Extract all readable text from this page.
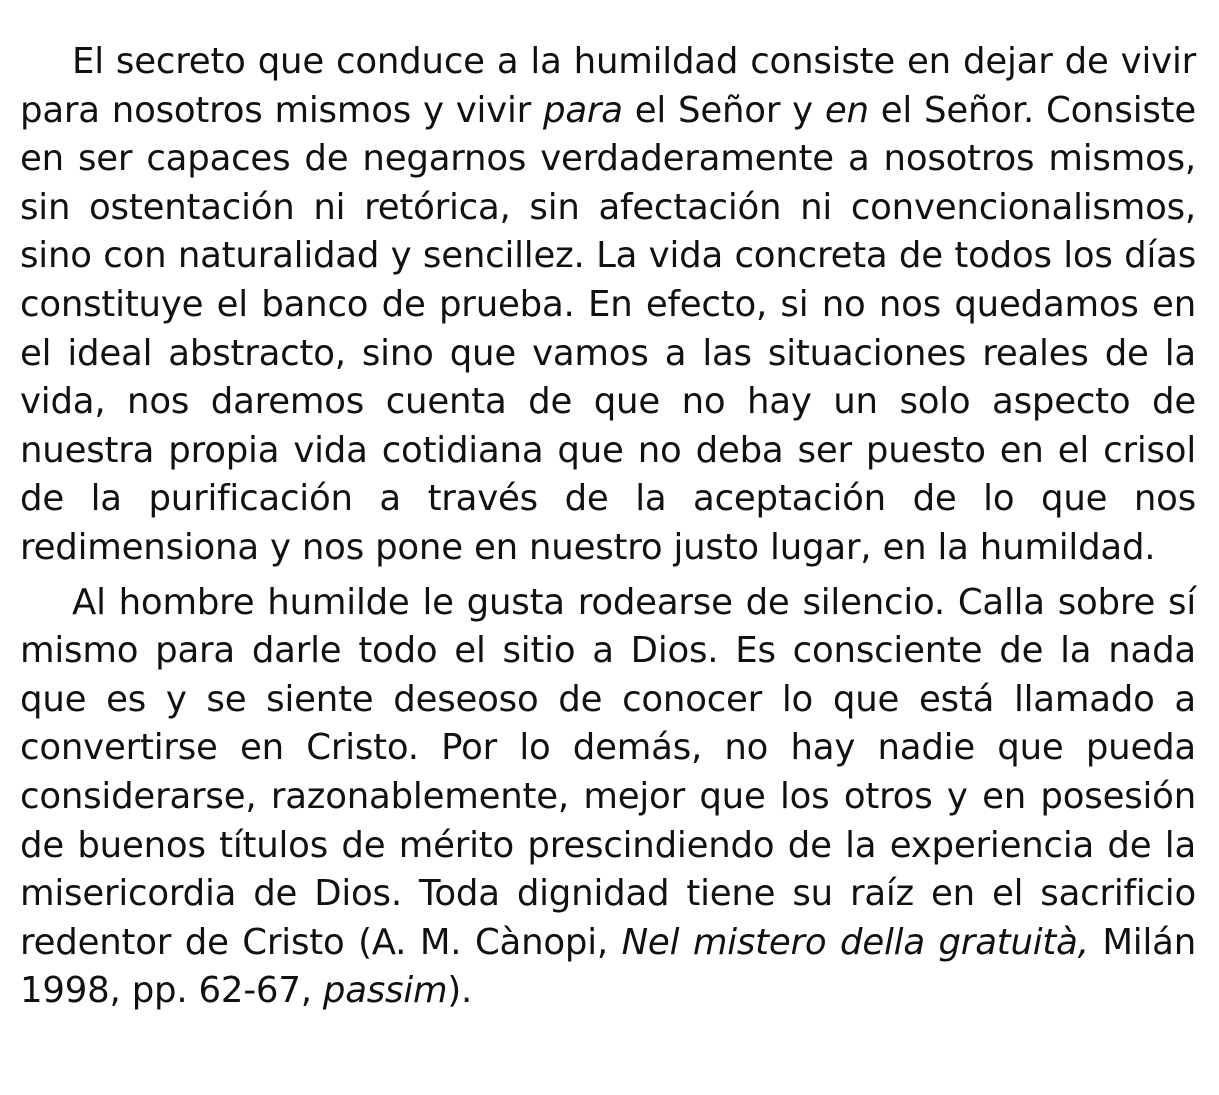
El secreto que conduce a la humildad consiste en dejar de vivir para nosotros mismos y vivir para el Señor y en el Señor. Consiste en ser capaces de negarnos verdaderamente a nosotros mismos, sin ostentación ni retórica, sin afectación ni convencionalismos, sino con naturalidad y sencillez. La vida concreta de todos los días constituye el banco de prueba. En efecto, si no nos quedamos en el ideal abstracto, sino que vamos a las situaciones reales de la vida, nos daremos cuenta de que no hay un solo aspecto de nuestra propia vida cotidiana que no deba ser puesto en el crisol de la purificación a través de la aceptación de lo que nos redimensiona y nos pone en nuestro justo lugar, en la humildad.

Al hombre humilde le gusta rodearse de silencio. Calla sobre sí mismo para darle todo el sitio a Dios. Es consciente de la nada que es y se siente deseoso de conocer lo que está llamado a convertirse en Cristo. Por lo demás, no hay nadie que pueda considerarse, razonablemente, mejor que los otros y en posesión de buenos títulos de mérito prescindiendo de la experiencia de la misericordia de Dios. Toda dignidad tiene su raíz en el sacrificio redentor de Cristo (A. M. Cànopi, Nel mistero della gratuità, Milán 1998, pp. 62-67, passim).
